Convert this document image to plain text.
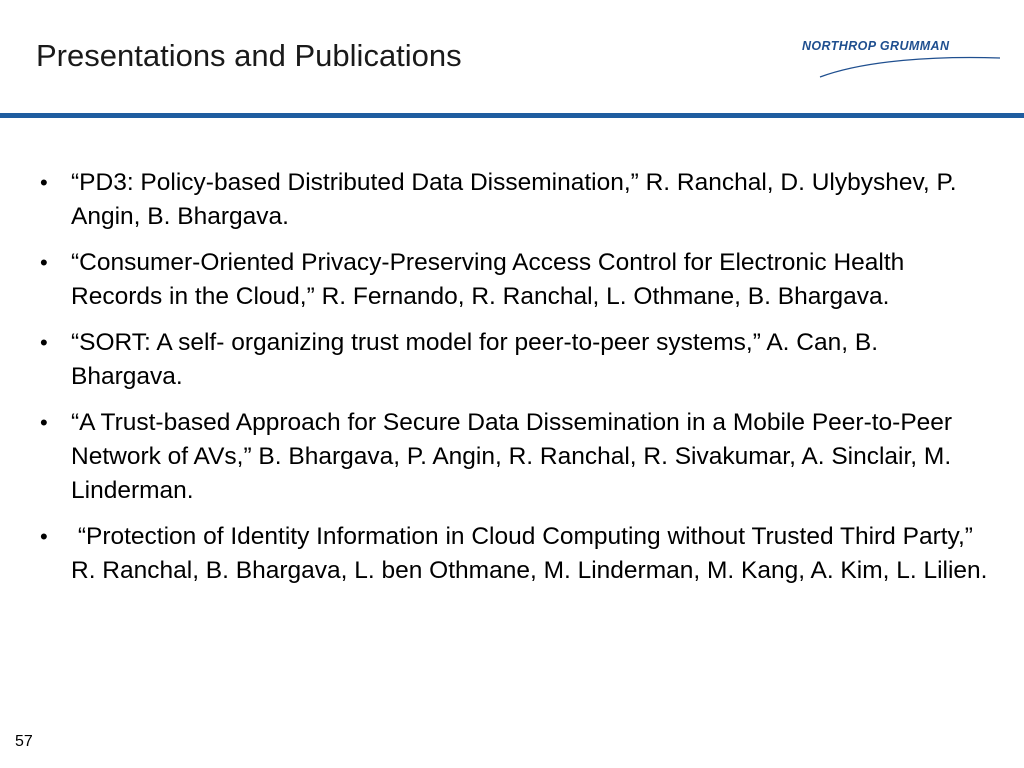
Presentations and Publications	NORTHROP GRUMMAN
• “PD3: Policy-based Distributed Data Dissemination,” R. Ranchal, D. Ulybyshev, P. Angin, B. Bhargava.
• “Consumer-Oriented Privacy-Preserving Access Control for Electronic Health Records in the Cloud,” R. Fernando, R. Ranchal, L. Othmane, B. Bhargava.
• “SORT: A self- organizing trust model for peer-to-peer systems,” A. Can, B. Bhargava.
• “A Trust-based Approach for Secure Data Dissemination in a Mobile Peer-to-Peer Network of AVs,” B. Bhargava, P. Angin, R. Ranchal, R. Sivakumar, A. Sinclair, M. Linderman.
• “Protection of Identity Information in Cloud Computing without Trusted Third Party,” R. Ranchal, B. Bhargava, L. ben Othmane, M. Linderman, M. Kang, A. Kim, L. Lilien.
57
